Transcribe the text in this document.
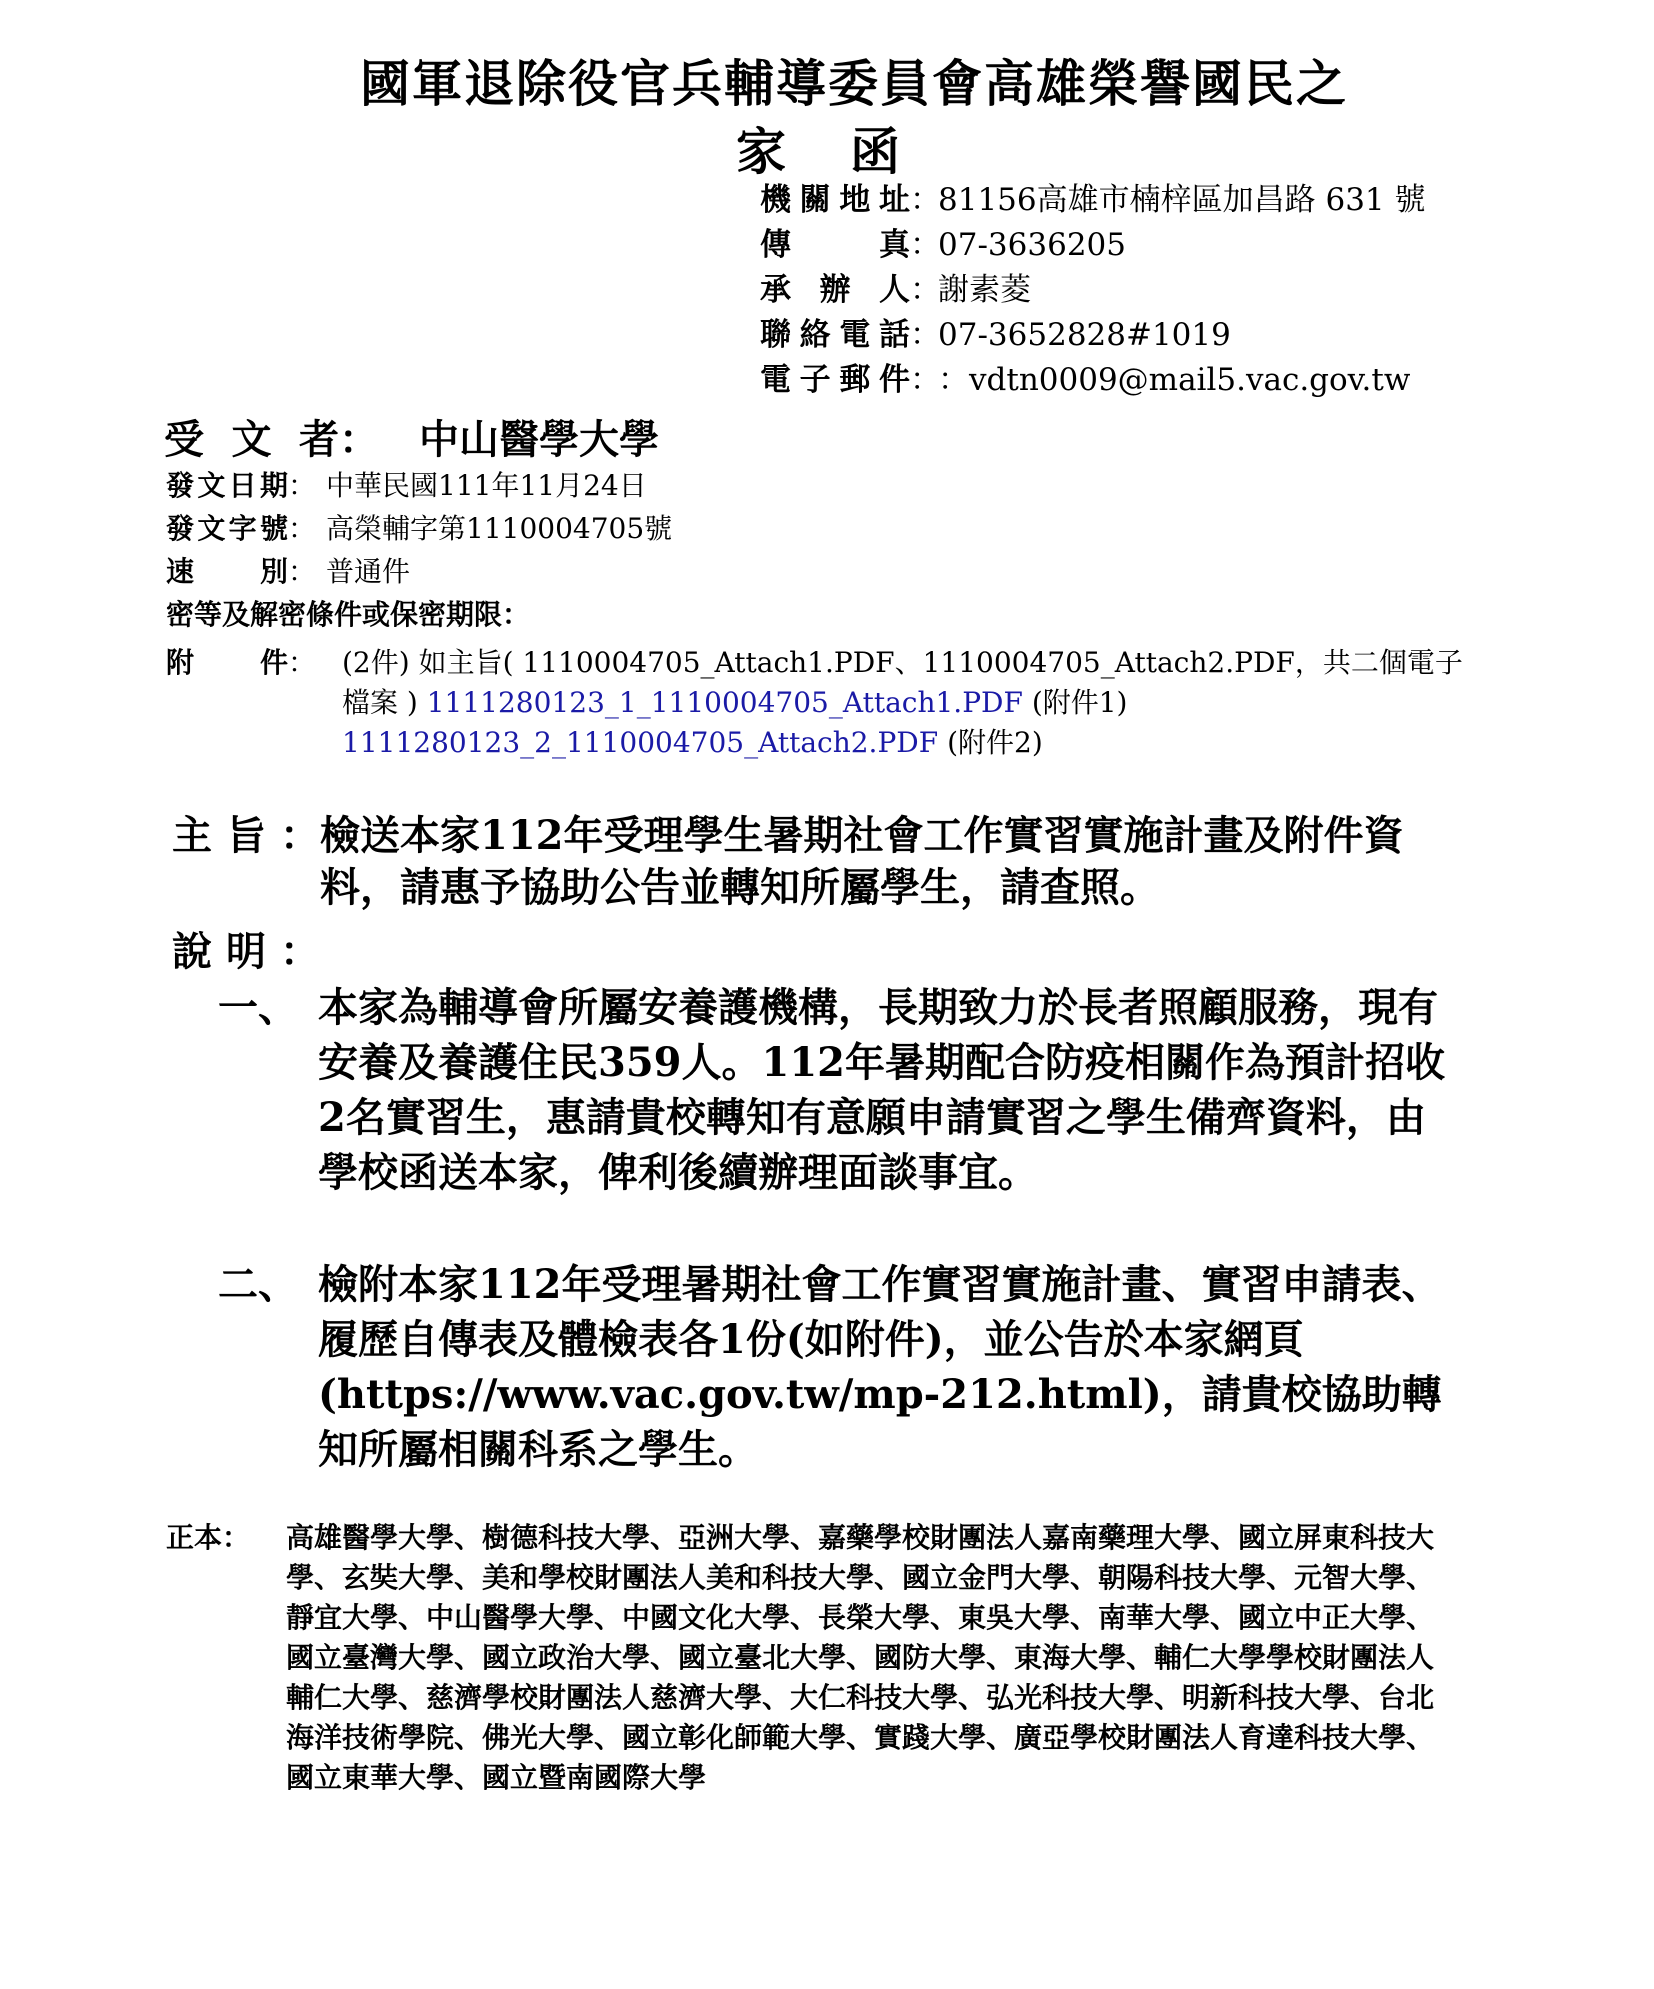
國軍退除役官兵輔導委員會高雄榮譽國民之
家函
機關地址 ：
81156高雄市楠梓區加昌路 631 號
傳真 ：
07-3636205
承辦人 ：
謝素菱
聯絡電話 ：
07-3652828#1019
電子郵件 ：
：vdtn0009@mail5.vac.gov.tw
受文者： 中山醫學大學
發文日期 ： 中華民國111年11月24日
發文字號 ： 高榮輔字第1110004705號
速別 ： 普通件
密等及解密條件或保密期限：
附件 ： (2件) 如主旨( 1110004705_Attach1.PDF、1110004705_Attach2.PDF，共二個電子檔案 ) 1111280123_1_1110004705_Attach1.PDF (附件1)
1111280123_2_1110004705_Attach2.PDF (附件2)
主旨：
檢送本家112年受理學生暑期社會工作實習實施計畫及附件資料，請惠予協助公告並轉知所屬學生，請查照。
說明：
一、 本家為輔導會所屬安養護機構，長期致力於長者照顧服務，現有安養及養護住民359人。112年暑期配合防疫相關作為預計招收2名實習生，惠請貴校轉知有意願申請實習之學生備齊資料，由學校函送本家，俾利後續辦理面談事宜。
二、 檢附本家112年受理暑期社會工作實習實施計畫、實習申請表、履歷自傳表及體檢表各1份(如附件)，並公告於本家網頁(https://www.vac.gov.tw/mp-212.html)，請貴校協助轉知所屬相關科系之學生。
正本： 高雄醫學大學、樹德科技大學、亞洲大學、嘉藥學校財團法人嘉南藥理大學、國立屏東科技大學、玄奘大學、美和學校財團法人美和科技大學、國立金門大學、朝陽科技大學、元智大學、靜宜大學、中山醫學大學、中國文化大學、長榮大學、東吳大學、南華大學、國立中正大學、國立臺灣大學、國立政治大學、國立臺北大學、國防大學、東海大學、輔仁大學學校財團法人輔仁大學、慈濟學校財團法人慈濟大學、大仁科技大學、弘光科技大學、明新科技大學、台北海洋技術學院、佛光大學、國立彰化師範大學、實踐大學、廣亞學校財團法人育達科技大學、國立東華大學、國立暨南國際大學
